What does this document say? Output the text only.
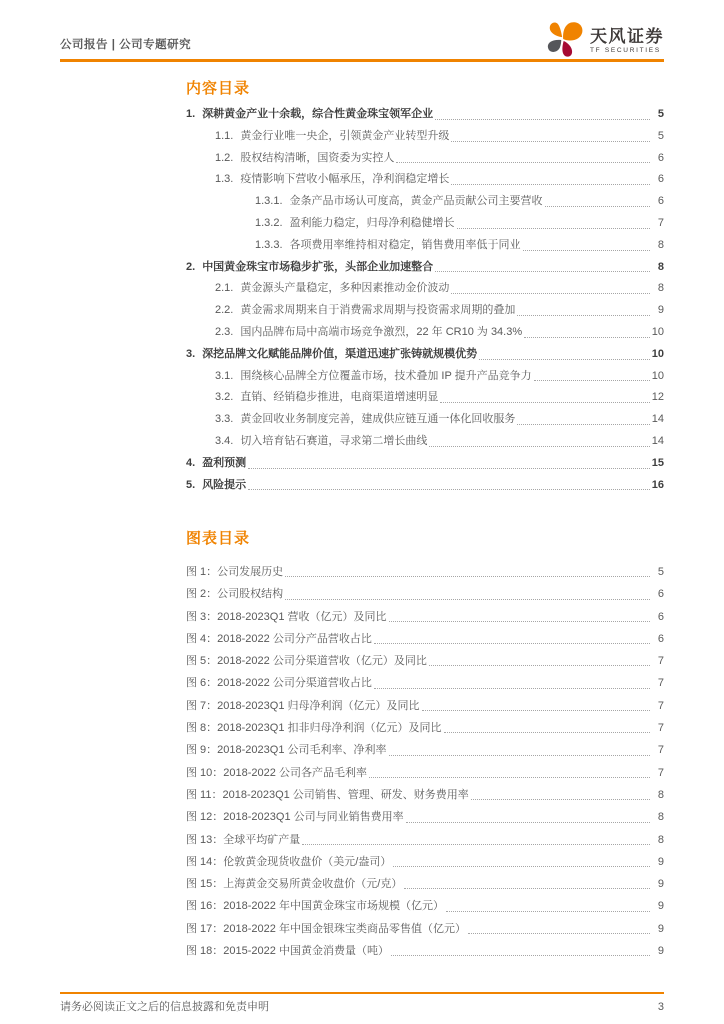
公司报告 | 公司专题研究	天风证券
TF SECURITIES
内容目录
1. 深耕黄金产业十余载，综合性黄金珠宝领军企业	5
1.1. 黄金行业唯一央企，引领黄金产业转型升级	5
1.2. 股权结构清晰，国资委为实控人	6
1.3. 疫情影响下营收小幅承压，净利润稳定增长	6
1.3.1. 金条产品市场认可度高，黄金产品贡献公司主要营收	6
1.3.2. 盈利能力稳定，归母净利稳健增长	7
1.3.3. 各项费用率维持相对稳定，销售费用率低于同业	8
2. 中国黄金珠宝市场稳步扩张，头部企业加速整合	8
2.1. 黄金源头产量稳定，多种因素推动金价波动	8
2.2. 黄金需求周期来自于消费需求周期与投资需求周期的叠加	9
2.3. 国内品牌布局中高端市场竞争激烈，22 年 CR10 为 34.3%	10
3. 深挖品牌文化赋能品牌价值，渠道迅速扩张铸就规模优势	10
3.1. 围绕核心品牌全方位覆盖市场，技术叠加 IP 提升产品竞争力	10
3.2. 直销、经销稳步推进，电商渠道增速明显	12
3.3. 黄金回收业务制度完善，建成供应链互通一体化回收服务	14
3.4. 切入培育钻石赛道，寻求第二增长曲线	14
4. 盈利预测	15
5. 风险提示	16
图表目录
图 1：公司发展历史	5
图 2：公司股权结构	6
图 3：2018-2023Q1 营收（亿元）及同比	6
图 4：2018-2022 公司分产品营收占比	6
图 5：2018-2022 公司分渠道营收（亿元）及同比	7
图 6：2018-2022 公司分渠道营收占比	7
图 7：2018-2023Q1 归母净利润（亿元）及同比	7
图 8：2018-2023Q1 扣非归母净利润（亿元）及同比	7
图 9：2018-2023Q1 公司毛利率、净利率	7
图 10：2018-2022 公司各产品毛利率	7
图 11：2018-2023Q1 公司销售、管理、研发、财务费用率	8
图 12：2018-2023Q1 公司与同业销售费用率	8
图 13：全球平均矿产量	8
图 14：伦敦黄金现货收盘价（美元/盎司）	9
图 15：上海黄金交易所黄金收盘价（元/克）	9
图 16：2018-2022 年中国黄金珠宝市场规模（亿元）	9
图 17：2018-2022 年中国金银珠宝类商品零售值（亿元）	9
图 18：2015-2022 中国黄金消费量（吨）	9
请务必阅读正文之后的信息披露和免责申明	3
